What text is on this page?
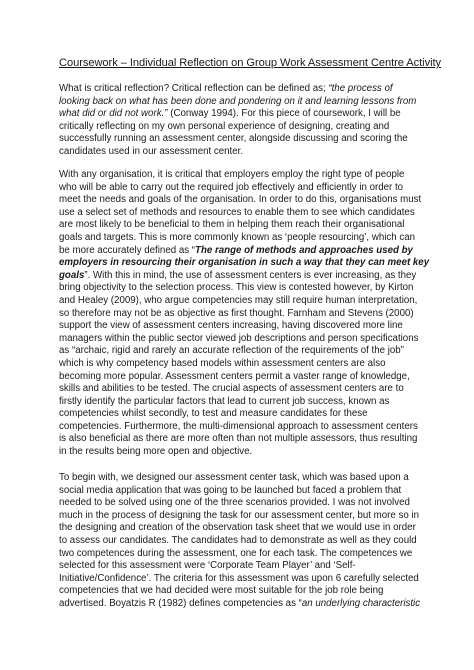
Coursework – Individual Reflection on Group Work Assessment Centre Activity
What is critical reflection? Critical reflection can be defined as; “the process of
looking back on what has been done and pondering on it and learning lessons from
what did or did not work.” (Conway 1994). For this piece of coursework, I will be
critically reflecting on my own personal experience of designing, creating and
successfully running an assessment center, alongside discussing and scoring the
candidates used in our assessment center.
With any organisation, it is critical that employers employ the right type of people
who will be able to carry out the required job effectively and efficiently in order to
meet the needs and goals of the organisation. In order to do this, organisations must
use a select set of methods and resources to enable them to see which candidates
are most likely to be beneficial to them in helping them reach their organisational
goals and targets. This is more commonly known as ‘people resourcing’, which can
be more accurately defined as “The range of methods and approaches used by
employers in resourcing their organisation in such a way that they can meet key
goals”. With this in mind, the use of assessment centers is ever increasing, as they
bring objectivity to the selection process. This view is contested however, by Kirton
and Healey (2009), who argue competencies may still require human interpretation,
so therefore may not be as objective as first thought. Farnham and Stevens (2000)
support the view of assessment centers increasing, having discovered more line
managers within the public sector viewed job descriptions and person specifications
as “archaic, rigid and rarely an accurate reflection of the requirements of the job”
which is why competency based models within assessment centers are also
becoming more popular. Assessment centers permit a vaster range of knowledge,
skills and abilities to be tested. The crucial aspects of assessment centers are to
firstly identify the particular factors that lead to current job success, known as
competencies whilst secondly, to test and measure candidates for these
competencies. Furthermore, the multi-dimensional approach to assessment centers
is also beneficial as there are more often than not multiple assessors, thus resulting
in the results being more open and objective.
To begin with, we designed our assessment center task, which was based upon a
social media application that was going to be launched but faced a problem that
needed to be solved using one of the three scenarios provided. I was not involved
much in the process of designing the task for our assessment center, but more so in
the designing and creation of the observation task sheet that we would use in order
to assess our candidates. The candidates had to demonstrate as well as they could
two competences during the assessment, one for each task. The competences we
selected for this assessment were ‘Corporate Team Player’ and ‘Self-
Initiative/Confidence’. The criteria for this assessment was upon 6 carefully selected
competencies that we had decided were most suitable for the job role being
advertised. Boyatzis R (1982) defines competencies as “an underlying characteristic
